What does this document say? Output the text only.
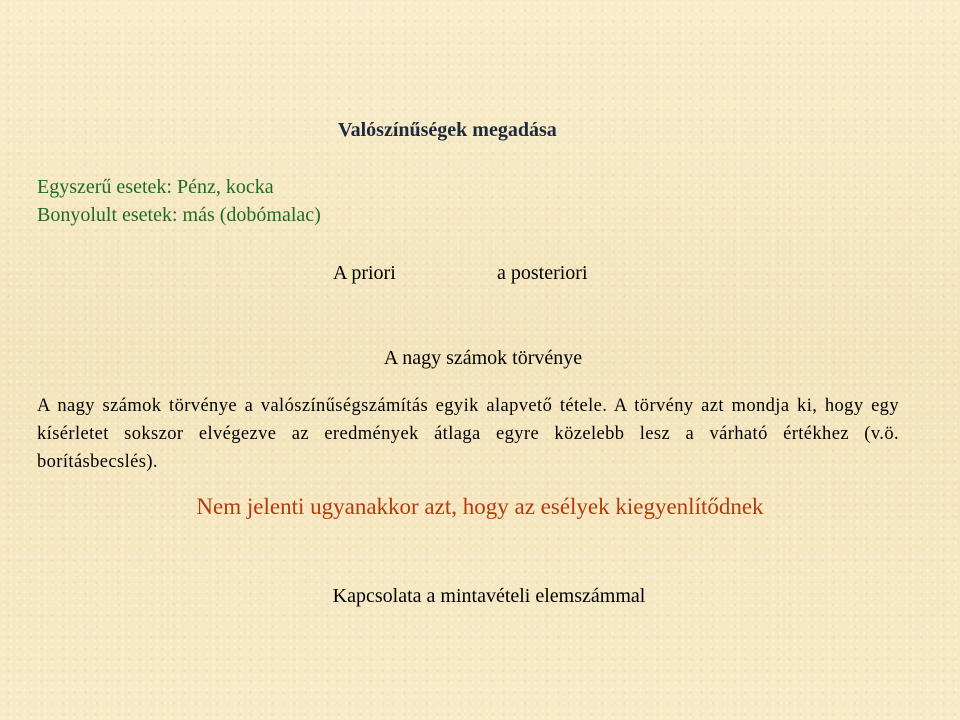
Valószínűségek megadása
Egyszerű esetek: Pénz, kocka
Bonyolult esetek: más (dobómalac)
A priori	a posteriori
A nagy számok törvénye

A nagy számok törvénye a valószínűségszámítás egyik alapvető tétele. A törvény azt mondja ki, hogy egy kísérletet sokszor elvégezve az eredmények átlaga egyre közelebb lesz a várható értékhez (v.ö. borításbecslés).

Nem jelenti ugyanakkor azt, hogy az esélyek kiegyenlítődnek
Kapcsolata a mintavételi elemszámmal
